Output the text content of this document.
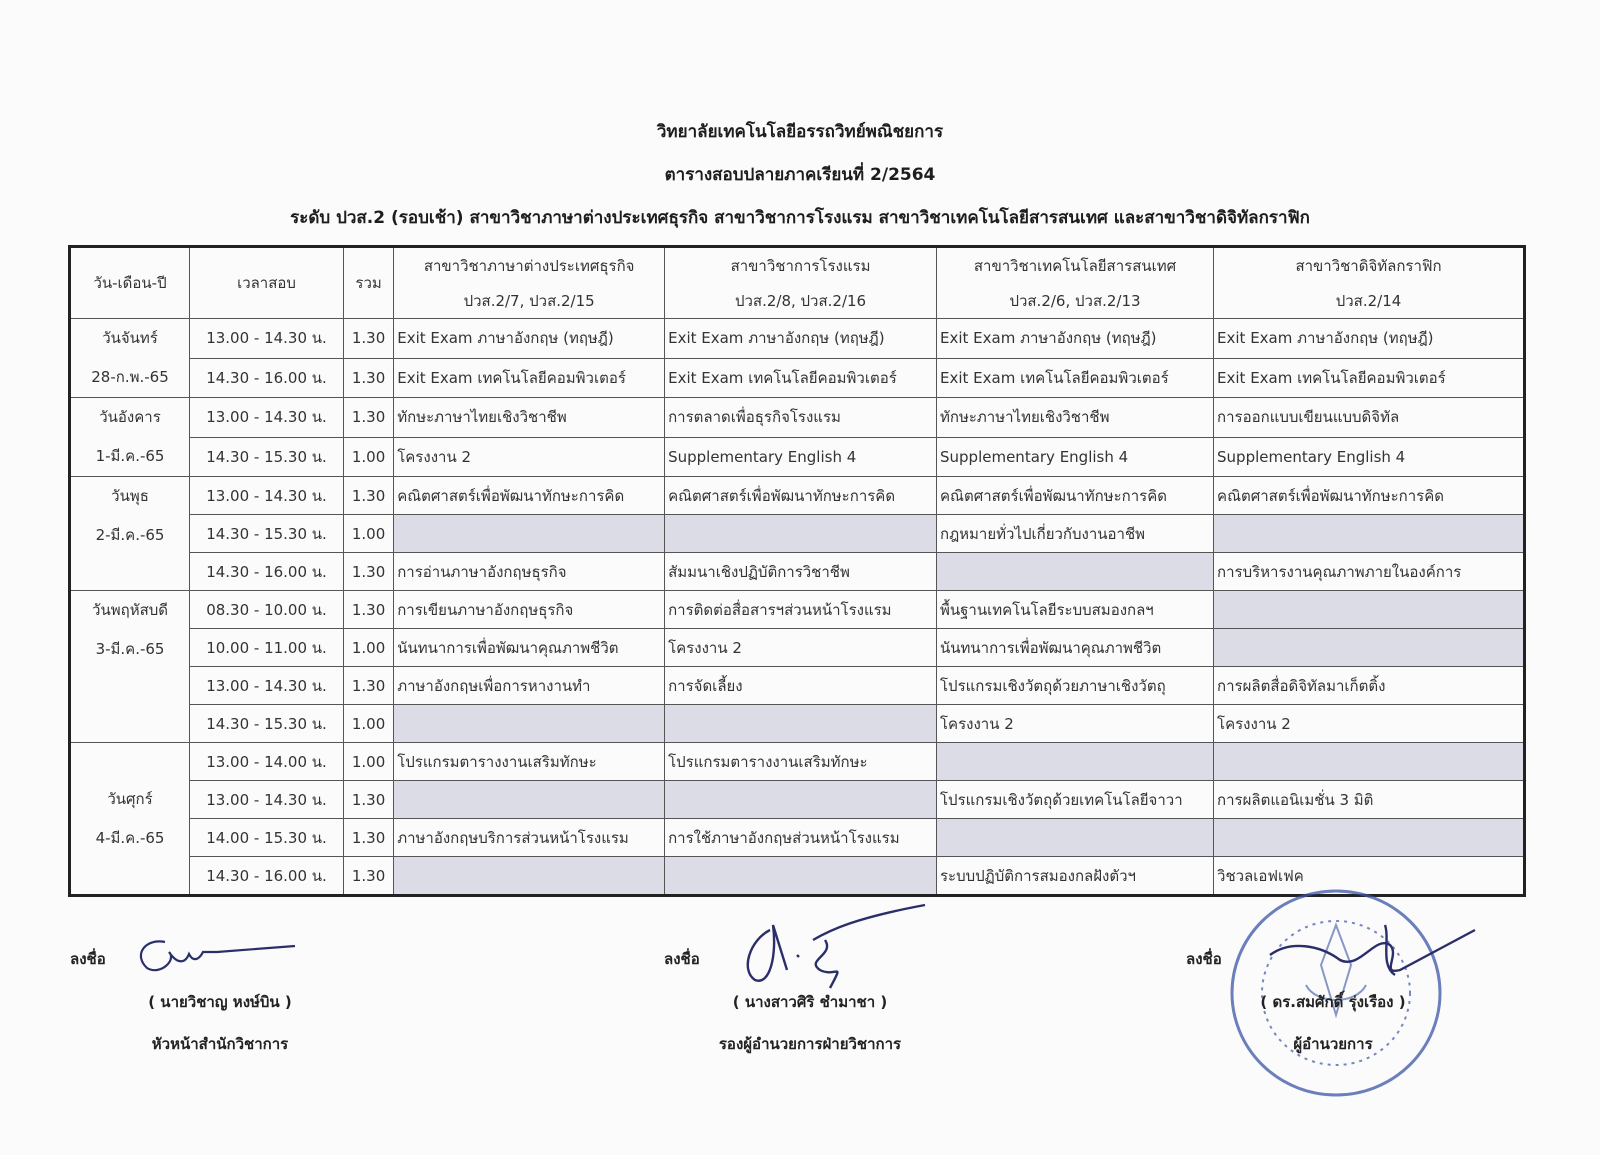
วิทยาลัยเทคโนโลยีอรรถวิทย์พณิชยการ
ตารางสอบปลายภาคเรียนที่ 2/2564
ระดับ ปวส.2 (รอบเช้า) สาขาวิชาภาษาต่างประเทศธุรกิจ สาขาวิชาการโรงแรม สาขาวิชาเทคโนโลยีสารสนเทศ และสาขาวิชาดิจิทัลกราฟิก
วัน-เดือน-ปี	เวลาสอบ	รวม	สาขาวิชาภาษาต่างประเทศธุรกิจ	สาขาวิชาการโรงแรม	สาขาวิชาเทคโนโลยีสารสนเทศ	สาขาวิชาดิจิทัลกราฟิก
			ปวส.2/7, ปวส.2/15	ปวส.2/8, ปวส.2/16	ปวส.2/6, ปวส.2/13	ปวส.2/14

วันจันทร์
28-ก.พ.-65	13.00 - 14.30 น.	1.30	Exit Exam ภาษาอังกฤษ (ทฤษฎี)	Exit Exam ภาษาอังกฤษ (ทฤษฎี)	Exit Exam ภาษาอังกฤษ (ทฤษฎี)	Exit Exam ภาษาอังกฤษ (ทฤษฎี)
	14.30 - 16.00 น.	1.30	Exit Exam เทคโนโลยีคอมพิวเตอร์	Exit Exam เทคโนโลยีคอมพิวเตอร์	Exit Exam เทคโนโลยีคอมพิวเตอร์	Exit Exam เทคโนโลยีคอมพิวเตอร์

วันอังคาร
1-มี.ค.-65	13.00 - 14.30 น.	1.30	ทักษะภาษาไทยเชิงวิชาชีพ	การตลาดเพื่อธุรกิจโรงแรม	ทักษะภาษาไทยเชิงวิชาชีพ	การออกแบบเขียนแบบดิจิทัล
	14.30 - 15.30 น.	1.00	โครงงาน 2	Supplementary English 4	Supplementary English 4	Supplementary English 4

วันพุธ
2-มี.ค.-65	13.00 - 14.30 น.	1.30	คณิตศาสตร์เพื่อพัฒนาทักษะการคิด	คณิตศาสตร์เพื่อพัฒนาทักษะการคิด	คณิตศาสตร์เพื่อพัฒนาทักษะการคิด	คณิตศาสตร์เพื่อพัฒนาทักษะการคิด
	14.30 - 15.30 น.	1.00			กฎหมายทั่วไปเกี่ยวกับงานอาชีพ	
	14.30 - 16.00 น.	1.30	การอ่านภาษาอังกฤษธุรกิจ	สัมมนาเชิงปฏิบัติการวิชาชีพ		การบริหารงานคุณภาพภายในองค์การ

วันพฤหัสบดี
3-มี.ค.-65	08.30 - 10.00 น.	1.30	การเขียนภาษาอังกฤษธุรกิจ	การติดต่อสื่อสารฯส่วนหน้าโรงแรม	พื้นฐานเทคโนโลยีระบบสมองกลฯ	
	10.00 - 11.00 น.	1.00	นันทนาการเพื่อพัฒนาคุณภาพชีวิต	โครงงาน 2	นันทนาการเพื่อพัฒนาคุณภาพชีวิต	
	13.00 - 14.30 น.	1.30	ภาษาอังกฤษเพื่อการหางานทำ	การจัดเลี้ยง	โปรแกรมเชิงวัตถุด้วยภาษาเชิงวัตถุ	การผลิตสื่อดิจิทัลมาเก็ตติ้ง
	14.30 - 15.30 น.	1.00			โครงงาน 2	โครงงาน 2

วันศุกร์
4-มี.ค.-65	13.00 - 14.00 น.	1.00	โปรแกรมตารางงานเสริมทักษะ	โปรแกรมตารางงานเสริมทักษะ		
	13.00 - 14.30 น.	1.30			โปรแกรมเชิงวัตถุด้วยเทคโนโลยีจาวา	การผลิตแอนิเมชั่น 3 มิติ
	14.00 - 15.30 น.	1.30	ภาษาอังกฤษบริการส่วนหน้าโรงแรม	การใช้ภาษาอังกฤษส่วนหน้าโรงแรม		
	14.30 - 16.00 น.	1.30			ระบบปฏิบัติการสมองกลฝังตัวฯ	วิชวลเอฟเฟค
ลงชื่อ
( นายวิชาญ หงษ์บิน )
หัวหน้าสำนักวิชาการ
ลงชื่อ
( นางสาวศิริ ชำมาชา )
รองผู้อำนวยการฝ่ายวิชาการ
ลงชื่อ
( ดร.สมศักดิ์ รุ่งเรือง )
ผู้อำนวยการ
